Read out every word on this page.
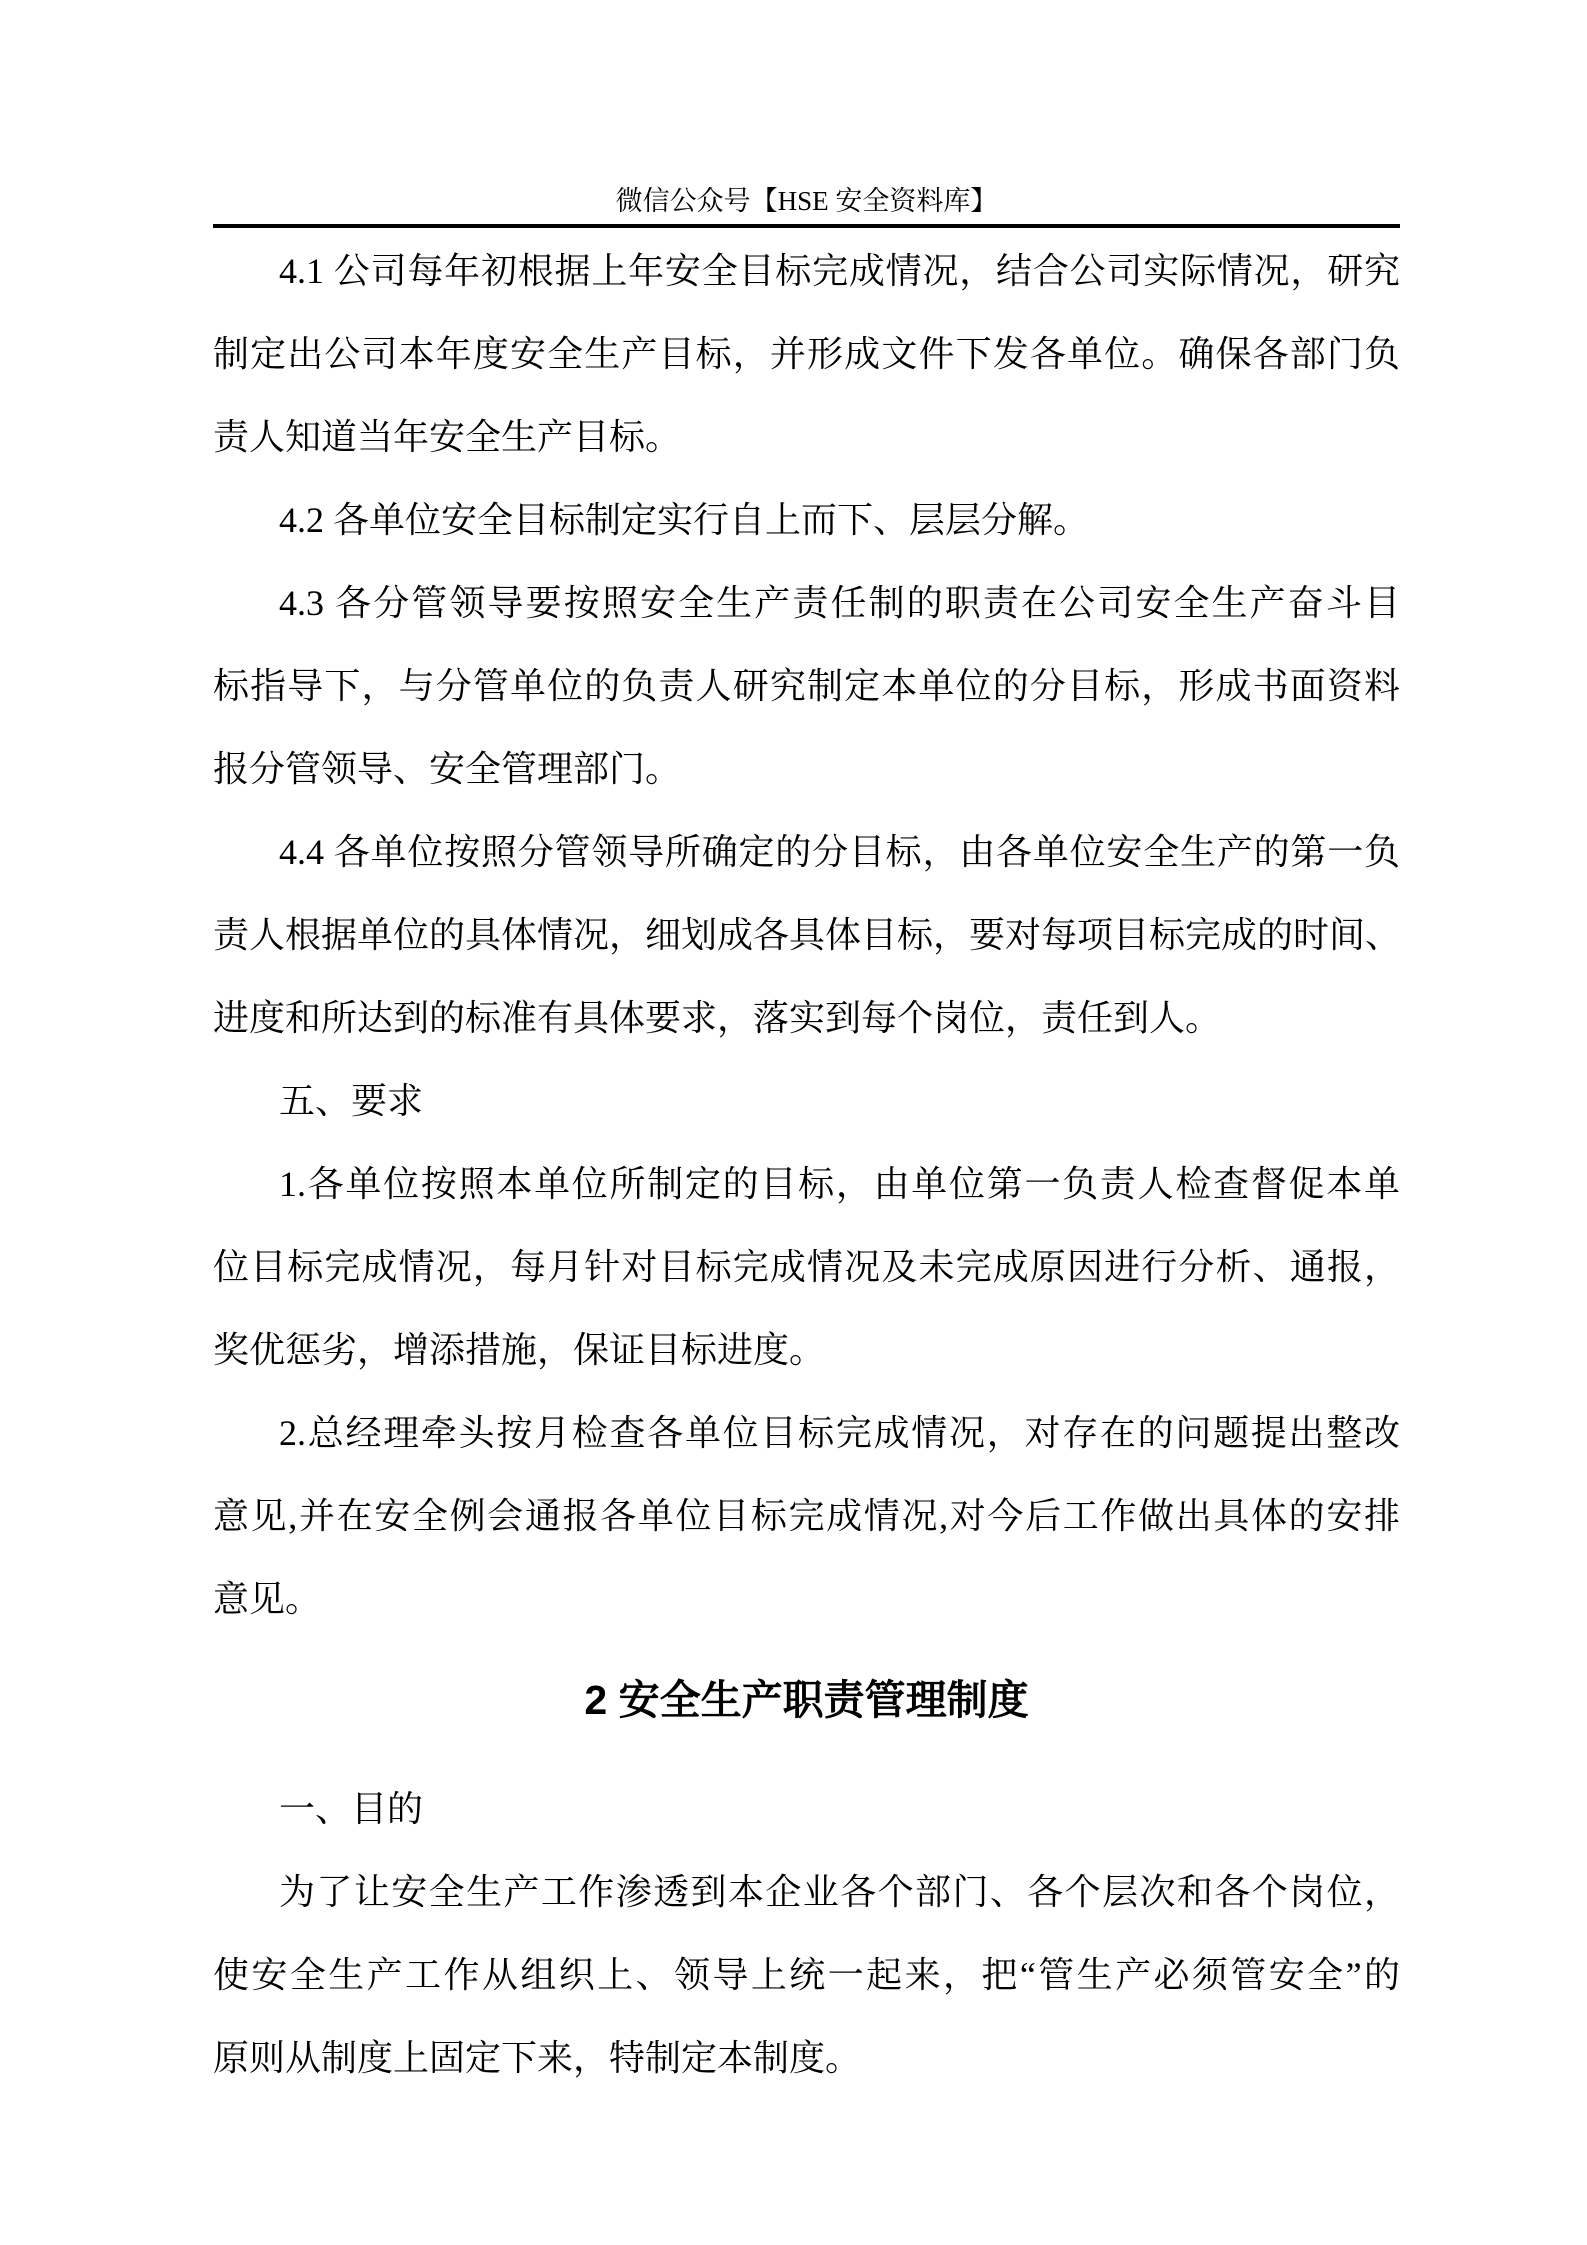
微信公众号【HSE 安全资料库】
4.1 公司每年初根据上年安全目标完成情况，结合公司实际情况，研究
制定出公司本年度安全生产目标，并形成文件下发各单位。确保各部门负
责人知道当年安全生产目标。
4.2 各单位安全目标制定实行自上而下、层层分解。
4.3 各分管领导要按照安全生产责任制的职责在公司安全生产奋斗目
标指导下，与分管单位的负责人研究制定本单位的分目标，形成书面资料
报分管领导、安全管理部门。
4.4 各单位按照分管领导所确定的分目标，由各单位安全生产的第一负
责人根据单位的具体情况，细划成各具体目标，要对每项目标完成的时间、
进度和所达到的标准有具体要求，落实到每个岗位，责任到人。
五、要求
1.各单位按照本单位所制定的目标，由单位第一负责人检查督促本单
位目标完成情况，每月针对目标完成情况及未完成原因进行分析、通报，
奖优惩劣，增添措施，保证目标进度。
2.总经理牵头按月检查各单位目标完成情况，对存在的问题提出整改
意见,并在安全例会通报各单位目标完成情况,对今后工作做出具体的安排
意见。
2 安全生产职责管理制度
一、目的
为了让安全生产工作渗透到本企业各个部门、各个层次和各个岗位，
使安全生产工作从组织上、领导上统一起来，把“管生产必须管安全”的
原则从制度上固定下来，特制定本制度。
